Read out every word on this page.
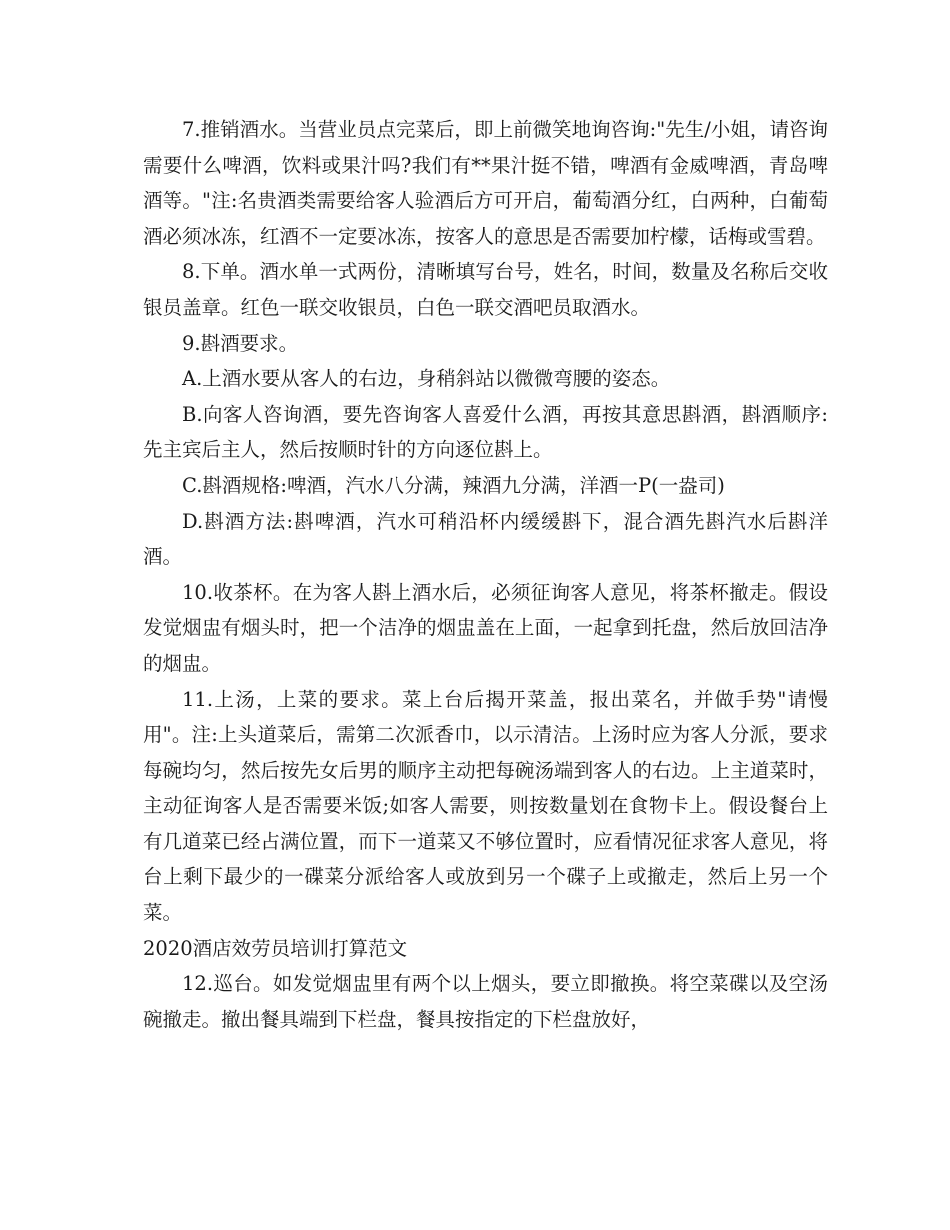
7.推销酒水。当营业员点完菜后，即上前微笑地询咨询:"先生/小姐，请咨询需要什么啤酒，饮料或果汁吗?我们有**果汁挺不错，啤酒有金威啤酒，青岛啤酒等。"注:名贵酒类需要给客人验酒后方可开启，葡萄酒分红，白两种，白葡萄酒必须冰冻，红酒不一定要冰冻，按客人的意思是否需要加柠檬，话梅或雪碧。

8.下单。酒水单一式两份，清晰填写台号，姓名，时间，数量及名称后交收银员盖章。红色一联交收银员，白色一联交酒吧员取酒水。

9.斟酒要求。

A.上酒水要从客人的右边，身稍斜站以微微弯腰的姿态。

B.向客人咨询酒，要先咨询客人喜爱什么酒，再按其意思斟酒，斟酒顺序:先主宾后主人，然后按顺时针的方向逐位斟上。

C.斟酒规格:啤酒，汽水八分满，辣酒九分满，洋酒一P(一盎司)

D.斟酒方法:斟啤酒，汽水可稍沿杯内缓缓斟下，混合酒先斟汽水后斟洋酒。

10.收茶杯。在为客人斟上酒水后，必须征询客人意见，将茶杯撤走。假设发觉烟盅有烟头时，把一个洁净的烟盅盖在上面，一起拿到托盘，然后放回洁净的烟盅。

11.上汤，上菜的要求。菜上台后揭开菜盖，报出菜名，并做手势"请慢用"。注:上头道菜后，需第二次派香巾，以示清洁。上汤时应为客人分派，要求每碗均匀，然后按先女后男的顺序主动把每碗汤端到客人的右边。上主道菜时，主动征询客人是否需要米饭;如客人需要，则按数量划在食物卡上。假设餐台上有几道菜已经占满位置，而下一道菜又不够位置时，应看情况征求客人意见，将台上剩下最少的一碟菜分派给客人或放到另一个碟子上或撤走，然后上另一个菜。

2020酒店效劳员培训打算范文

12.巡台。如发觉烟盅里有两个以上烟头，要立即撤换。将空菜碟以及空汤碗撤走。撤出餐具端到下栏盘，餐具按指定的下栏盘放好，
